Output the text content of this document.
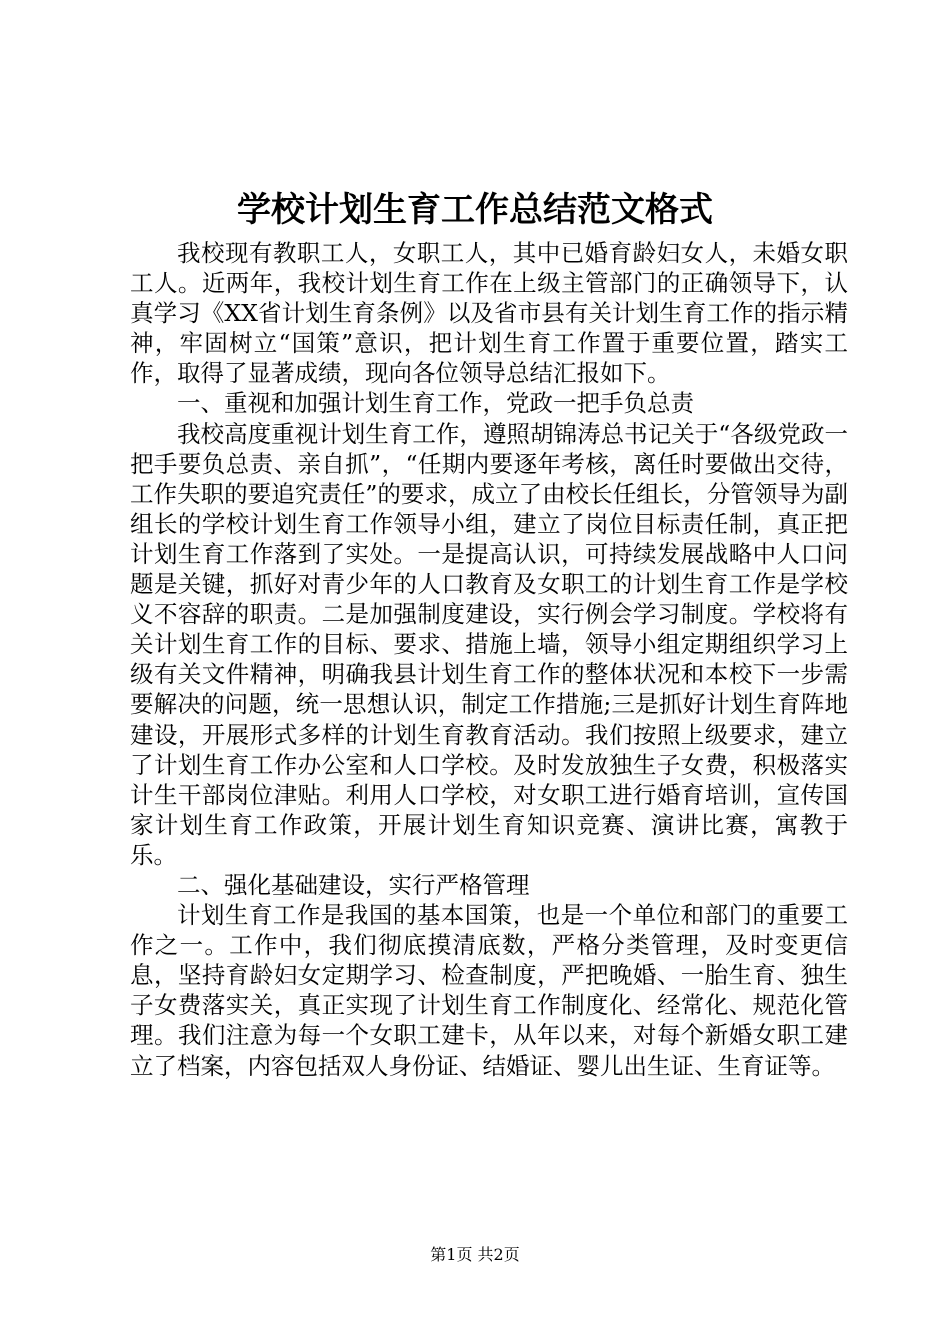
学校计划生育工作总结范文格式

我校现有教职工人，女职工人，其中已婚育龄妇女人，未婚女职工人。近两年，我校计划生育工作在上级主管部门的正确领导下，认真学习《XX省计划生育条例》以及省市县有关计划生育工作的指示精神，牢固树立“国策”意识，把计划生育工作置于重要位置，踏实工作，取得了显著成绩，现向各位领导总结汇报如下。

一、重视和加强计划生育工作，党政一把手负总责

我校高度重视计划生育工作，遵照胡锦涛总书记关于“各级党政一把手要负总责、亲自抓”，“任期内要逐年考核，离任时要做出交待，工作失职的要追究责任”的要求，成立了由校长任组长，分管领导为副组长的学校计划生育工作领导小组，建立了岗位目标责任制，真正把计划生育工作落到了实处。一是提高认识，可持续发展战略中人口问题是关键，抓好对青少年的人口教育及女职工的计划生育工作是学校义不容辞的职责。二是加强制度建设，实行例会学习制度。学校将有关计划生育工作的目标、要求、措施上墙，领导小组定期组织学习上级有关文件精神，明确我县计划生育工作的整体状况和本校下一步需要解决的问题，统一思想认识，制定工作措施;三是抓好计划生育阵地建设，开展形式多样的计划生育教育活动。我们按照上级要求，建立了计划生育工作办公室和人口学校。及时发放独生子女费，积极落实计生干部岗位津贴。利用人口学校，对女职工进行婚育培训，宣传国家计划生育工作政策，开展计划生育知识竞赛、演讲比赛，寓教于乐。

二、强化基础建设，实行严格管理

计划生育工作是我国的基本国策，也是一个单位和部门的重要工作之一。工作中，我们彻底摸清底数，严格分类管理，及时变更信息，坚持育龄妇女定期学习、检查制度，严把晚婚、一胎生育、独生子女费落实关，真正实现了计划生育工作制度化、经常化、规范化管理。我们注意为每一个女职工建卡，从年以来，对每个新婚女职工建立了档案，内容包括双人身份证、结婚证、婴儿出生证、生育证等。

第1页 共2页
